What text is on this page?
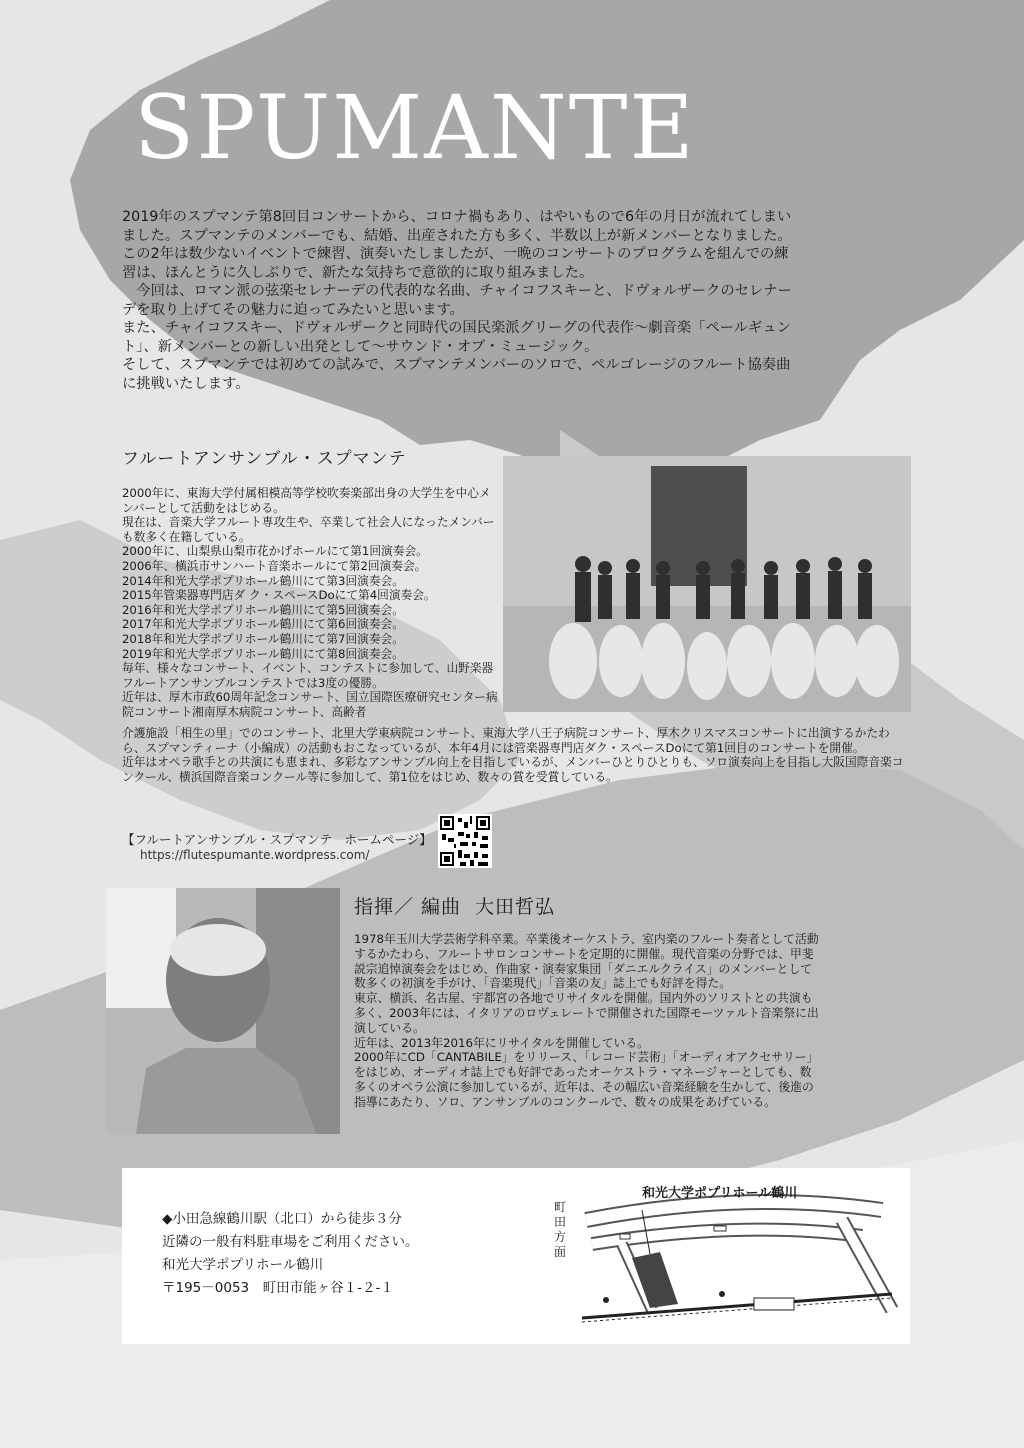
SPUMANTE

2019年のスプマンテ第8回目コンサートから、コロナ禍もあり、はやいもので6年の月日が流れてしまいました。スプマンテのメンバーでも、結婚、出産された方も多く、半数以上が新メンバーとなりました。

この2年は数少ないイベントで練習、演奏いたしましたが、一晩のコンサートのプログラムを組んでの練習は、ほんとうに久しぶりで、新たな気持ちで意欲的に取り組みました。

　今回は、ロマン派の弦楽セレナーデの代表的な名曲、チャイコフスキーと、ドヴォルザークのセレナーデを取り上げてその魅力に迫ってみたいと思います。

また、チャイコフスキー、ドヴォルザークと同時代の国民楽派グリーグの代表作～劇音楽「ペールギュント」、新メンバーとの新しい出発として～サウンド・オブ・ミュージック。

そして、スプマンテでは初めての試みで、スプマンテメンバーのソロで、ペルゴレージのフルート協奏曲に挑戦いたします。

フルートアンサンブル・スプマンテ

2000年に、東海大学付属相模高等学校吹奏楽部出身の大学生を中心メンバーとして活動をはじめる。

現在は、音楽大学フルート専攻生や、卒業して社会人になったメンバーも数多く在籍している。

2000年に、山梨県山梨市花かげホールにて第1回演奏会。

2006年、横浜市サンハート音楽ホールにて第2回演奏会。

2014年和光大学ポプリホール鶴川にて第3回演奏会。

2015年管楽器専門店ダ ク・スペースDoにて第4回演奏会。

2016年和光大学ポプリホール鶴川にて第5回演奏会。

2017年和光大学ポプリホール鶴川にて第6回演奏会。

2018年和光大学ポプリホール鶴川にて第7回演奏会。

2019年和光大学ポプリホール鶴川にて第8回演奏会。

毎年、様々なコンサート、イベント、コンテストに参加して、山野楽器フルートアンサンブルコンテストでは3度の優勝。

近年は、厚木市政60周年記念コンサート、国立国際医療研究センター病院コンサート湘南厚木病院コンサート、高齢者

介護施設「相生の里」でのコンサート、北里大学東病院コンサート、東海大学八王子病院コンサート、厚木クリスマスコンサートに出演するかたわら、スプマンティーナ（小編成）の活動もおこなっているが、本年4月には管楽器専門店ダク・スペースDoにて第1回目のコンサートを開催。

近年はオペラ歌手との共演にも恵まれ、多彩なアンサンブル向上を目指しているが、メンバーひとりひとりも、ソロ演奏向上を目指し大阪国際音楽コンクール、横浜国際音楽コンクール等に参加して、第1位をはじめ、数々の賞を受賞している。

【フルートアンサンブル・スプマンテ　ホームページ】
https://flutespumante.wordpress.com/
指揮／ 編曲 大田哲弘

1978年玉川大学芸術学科卒業。卒業後オーケストラ、室内楽のフルート奏者として活動するかたわら、フルートサロンコンサートを定期的に開催。現代音楽の分野では、甲斐説宗追悼演奏会をはじめ、作曲家・演奏家集団「ダニエルクライス」のメンバーとして数多くの初演を手がけ、「音楽現代」「音楽の友」誌上でも好評を得た。

東京、横浜、名古屋、宇都宮の各地でリサイタルを開催。国内外のソリストとの共演も多く、2003年には、イタリアのロヴェレートで開催された国際モーツァルト音楽祭に出演している。

近年は、2013年2016年にリサイタルを開催している。

2000年にCD「CANTABILE」をリリース、「レコード芸術」「オーディオアクセサリー」をはじめ、オーディオ誌上でも好評であったオーケストラ・マネージャーとしても、数多くのオペラ公演に参加しているが、近年は、その幅広い音楽経験を生かして、後進の指導にあたり、ソロ、アンサンブルのコンクールで、数々の成果をあげている。

◆小田急線鶴川駅（北口）から徒歩３分

近隣の一般有料駐車場をご利用ください。

和光大学ポプリホール鶴川

〒195－0053　町田市能ヶ谷１-２-１

町田方面
和光大学ポプリホール鶴川
